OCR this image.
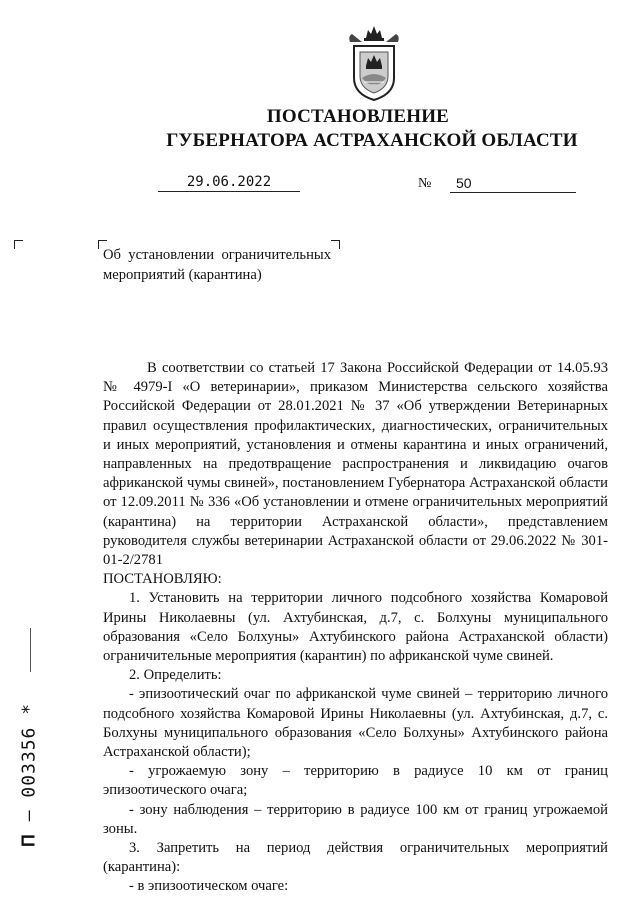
ПОСТАНОВЛЕНИЕ
ГУБЕРНАТОРА АСТРАХАНСКОЙ ОБЛАСТИ
29.06.2022	№	50
Об установлении ограничительных мероприятий (карантина)

В соответствии со статьей 17 Закона Российской Федерации от 14.05.93 № 4979-I «О ветеринарии», приказом Министерства сельского хозяйства Российской Федерации от 28.01.2021 № 37 «Об утверждении Ветеринарных правил осуществления профилактических, диагностических, ограничительных и иных мероприятий, установления и отмены карантина и иных ограничений, направленных на предотвращение распространения и ликвидацию очагов африканской чумы свиней», постановлением Губернатора Астраханской области от 12.09.2011 № 336 «Об установлении и отмене ограничительных мероприятий (карантина) на территории Астраханской области», представлением руководителя службы ветеринарии Астраханской области от 29.06.2022 № 301-01-2/2781

ПОСТАНОВЛЯЮ:

1. Установить на территории личного подсобного хозяйства Комаровой Ирины Николаевны (ул. Ахтубинская, д.7, с. Болхуны муниципального образования «Село Болхуны» Ахтубинского района Астраханской области) ограничительные мероприятия (карантин) по африканской чуме свиней.

2. Определить:

- эпизоотический очаг по африканской чуме свиней – территорию личного подсобного хозяйства Комаровой Ирины Николаевны (ул. Ахтубинская, д.7, с. Болхуны муниципального образования «Село Болхуны» Ахтубинского района Астраханской области);

- угрожаемую зону – территорию в радиусе 10 км от границ эпизоотического очага;

- зону наблюдения – территорию в радиусе 100 км от границ угрожаемой зоны.

3. Запретить на период действия ограничительных мероприятий (карантина):

- в эпизоотическом очаге:

П – 003356 *
